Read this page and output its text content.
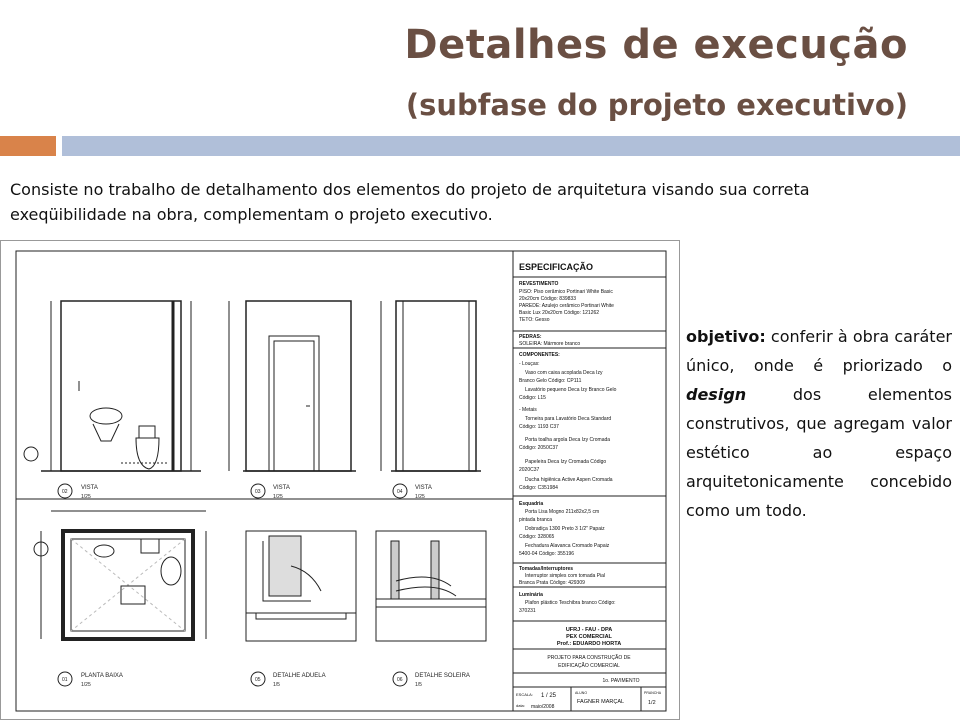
Detalhes de execução
(subfase do projeto executivo)
Consiste no trabalho de detalhamento dos elementos do projeto de arquitetura visando sua correta exeqüibilidade na obra, complementam o projeto executivo.
02
VISTA
1/25
03
VISTA
1/25
04
VISTA
1/25
01
PLANTA BAIXA
1/25
05
DETALHE ADUELA
1/5
06
DETALHE SOLEIRA
1/5
ESPECIFICAÇÃO
REVESTIMENTO
PISO: Piso cerâmico Portinari White Basic
20x20cm Código: 839833
PAREDE: Azulejo cerâmico Portinari White
Basic Lux 20x20cm Código: 121262
TETO: Gesso
PEDRAS:
SOLEIRA: Mármore branco
COMPONENTES:
- Louças:
Vaso com caixa acoplada Deca Izy
Branco Gelo Código: CP111
Lavatório pequeno Deca Izy Branco Gelo
Código: L15
- Metais
Torneira para Lavatório Deca Standard
Código: 1193 C37
Porta toalha argola Deca Izy Cromada
Código: 2050C37
Papeleira Deca Izy Cromada Código
2020C37
Ducha higiênica Active Aspen Cromada
Código: C351984
Esquadria
Porta Lisa Mogno 211x82x2,5 cm
pintada branca
Dobradiça 1300 Preto 3 1/2" Papaiz
Código: 328065
Fechadura Alavanca Cromado Papaiz
5400-04 Código: 355196
Tomadas/Interruptores
Interruptor simples com tomada Pial
Branca Prata Código: 429309
Luminária
Plafon plástico Teschibra branco Código:
370231
UFRJ - FAU - DPA
PEX COMERCIAL
Prof.: EDUARDO HORTA
PROJETO PARA CONSTRUÇÃO DE
EDIFICAÇÃO COMERCIAL
1o. PAVIMENTO
ESCALA: 1 / 25
data: maio/2008
ALUNO
FAGNER MARÇAL
PRANCHA
1/2
objetivo: conferir à obra caráter único, onde é priorizado o design dos elementos construtivos, que agregam valor estético ao espaço arquitetonicamente concebido como um todo.
